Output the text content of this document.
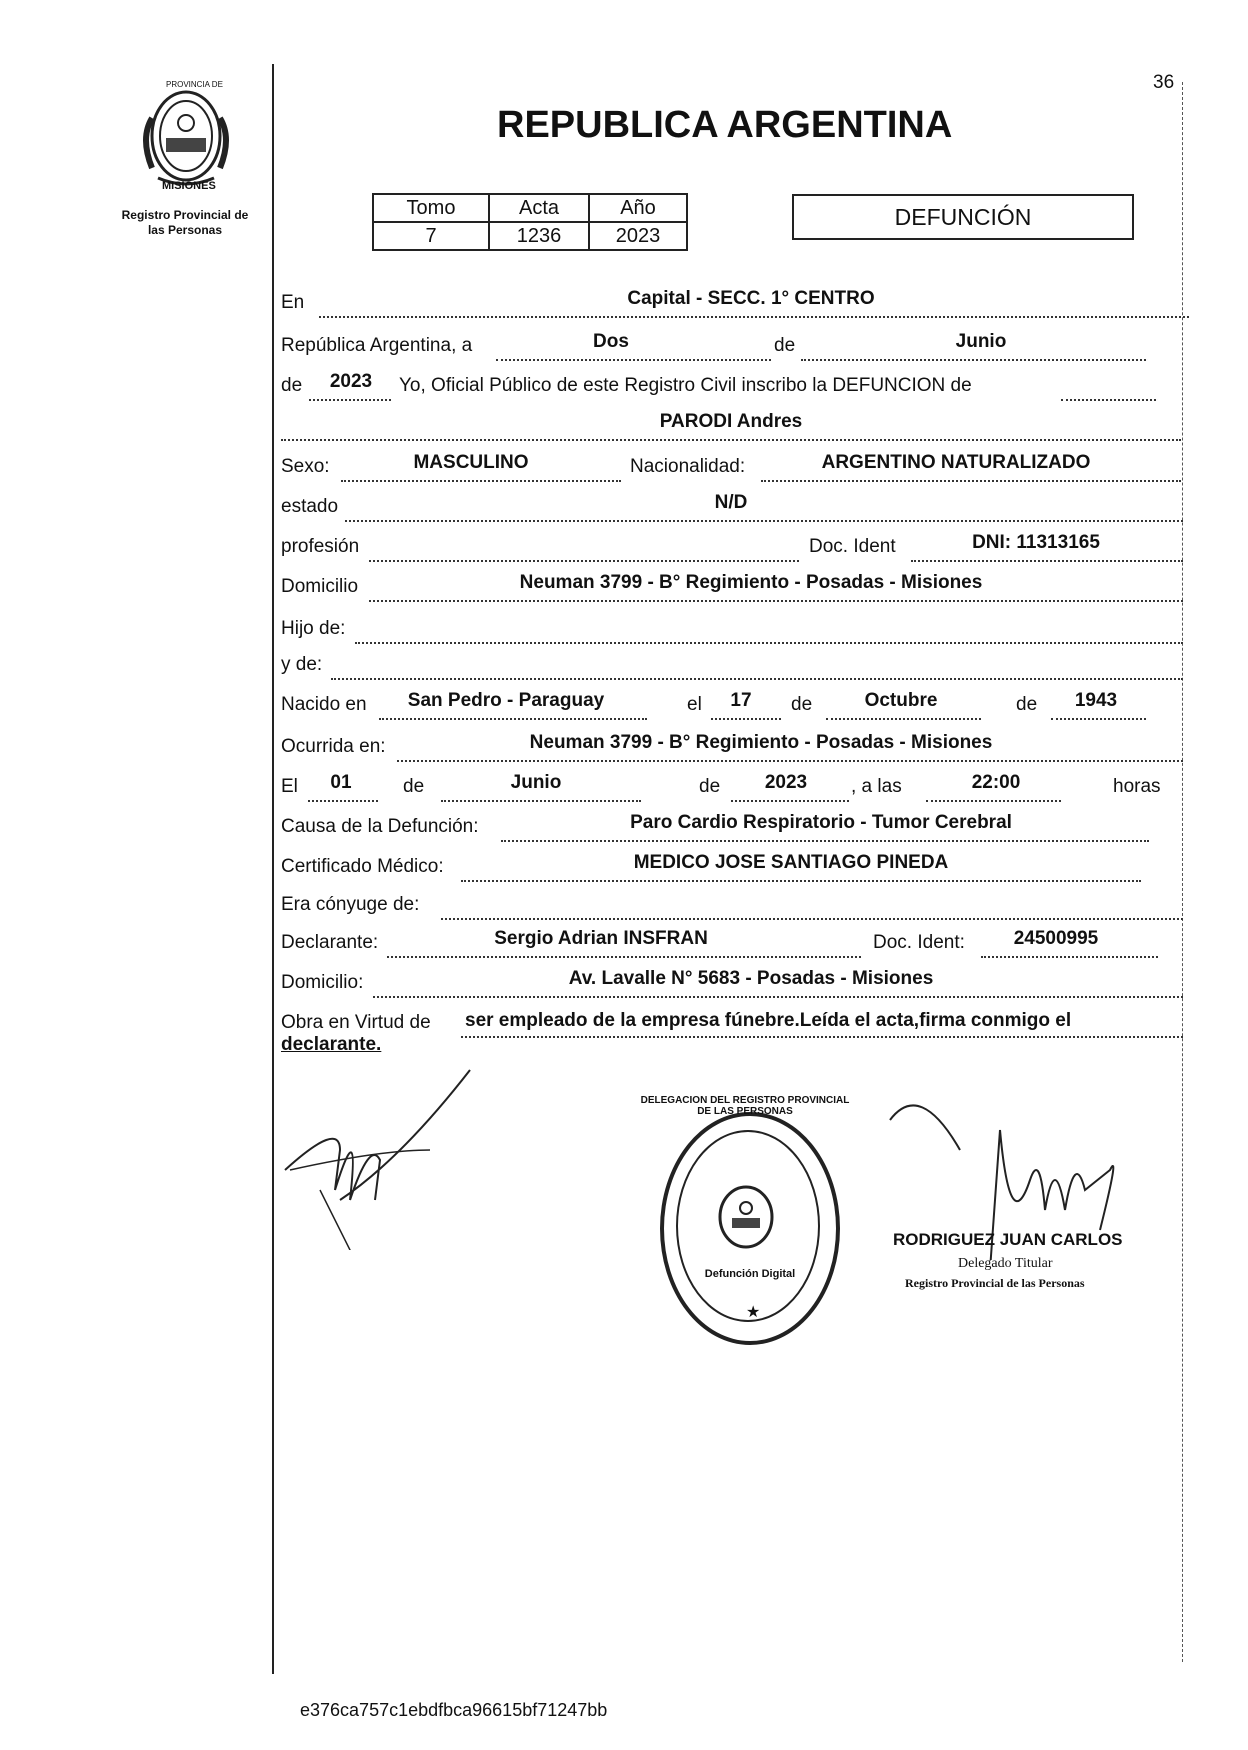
PROVINCIA DE
MISIONES
Registro Provincial de
las Personas
36
REPUBLICA ARGENTINA
Tomo	Acta	Año
7	1236	2023
DEFUNCIÓN
En	Capital - SECC. 1° CENTRO
República Argentina, a	Dos	de	Junio
de	2023	Yo, Oficial Público de este Registro Civil inscribo la DEFUNCION de
PARODI Andres
Sexo:	MASCULINO	Nacionalidad:	ARGENTINO NATURALIZADO
estado	N/D
profesión	Doc. Ident	DNI: 11313165
Domicilio	Neuman 3799 - B° Regimiento - Posadas - Misiones
Hijo de:
y de:
Nacido en	San Pedro - Paraguay	el	17	de	Octubre	de	1943
Ocurrida en:	Neuman 3799 - B° Regimiento - Posadas - Misiones
El	01	de	Junio	de	2023	, a las	22:00	horas
Causa de la Defunción:	Paro Cardio Respiratorio - Tumor Cerebral
Certificado Médico:	MEDICO JOSE SANTIAGO PINEDA
Era cónyuge de:
Declarante:	Sergio Adrian INSFRAN	Doc. Ident:	24500995
Domicilio:	Av. Lavalle N° 5683 - Posadas - Misiones
Obra en Virtud de ser empleado de la empresa fúnebre.Leída el acta,firma conmigo el
declarante.
DELEGACION DEL REGISTRO PROVINCIAL DE LAS PERSONAS
Defunción Digital
★
RODRIGUEZ JUAN CARLOS
Delegado Titular
Registro Provincial de las Personas
e376ca757c1ebdfbca96615bf71247bb
